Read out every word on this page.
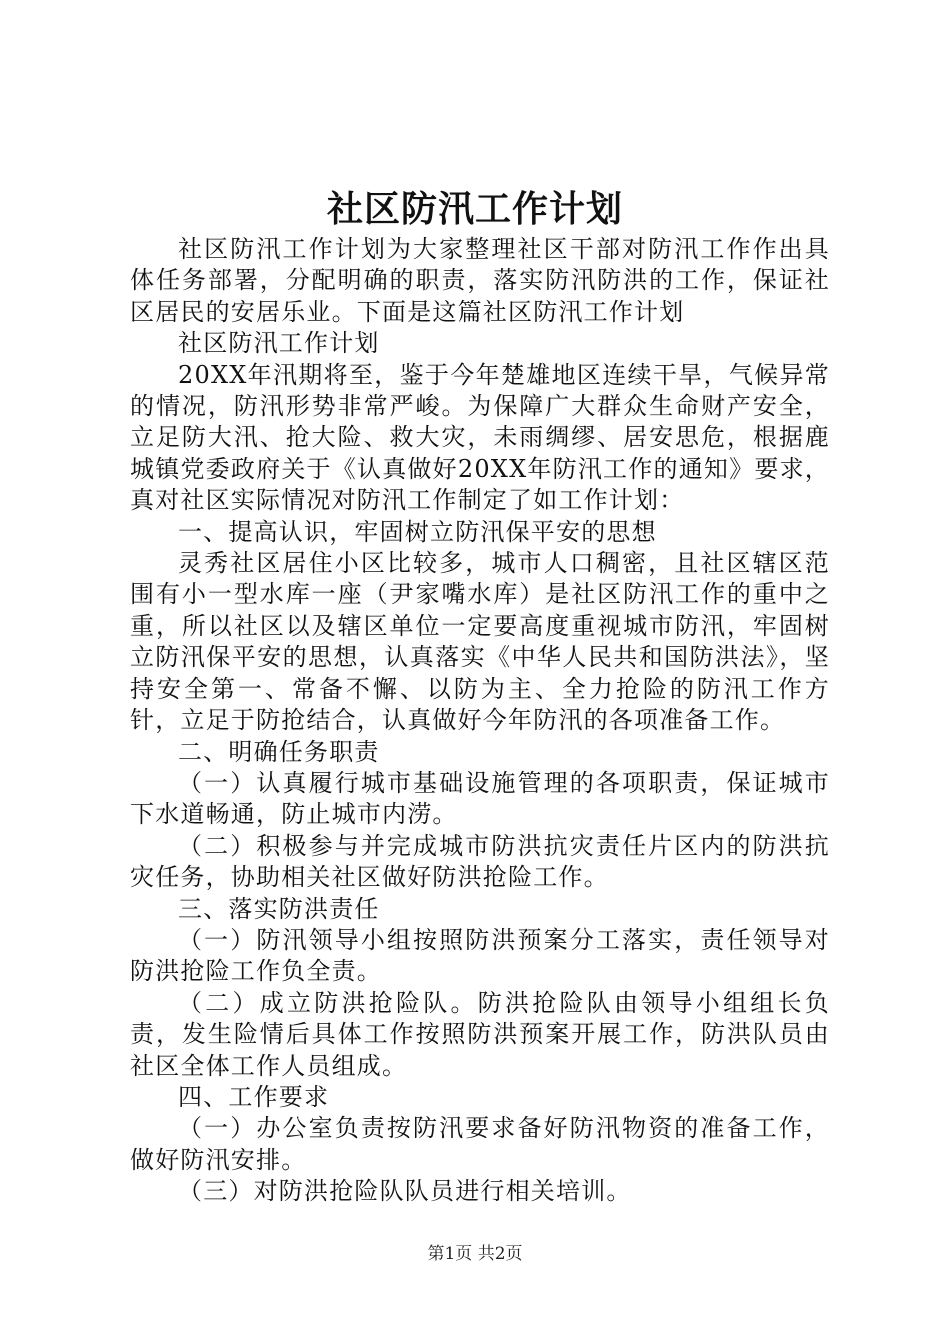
社区防汛工作计划

社区防汛工作计划为大家整理社区干部对防汛工作作出具体任务部署，分配明确的职责，落实防汛防洪的工作，保证社区居民的安居乐业。下面是这篇社区防汛工作计划

社区防汛工作计划

20XX年汛期将至，鉴于今年楚雄地区连续干旱，气候异常的情况，防汛形势非常严峻。为保障广大群众生命财产安全，立足防大汛、抢大险、救大灾，未雨绸缪、居安思危，根据鹿城镇党委政府关于《认真做好20XX年防汛工作的通知》要求，真对社区实际情况对防汛工作制定了如工作计划：

一、提高认识，牢固树立防汛保平安的思想

灵秀社区居住小区比较多，城市人口稠密，且社区辖区范围有小一型水库一座（尹家嘴水库）是社区防汛工作的重中之重，所以社区以及辖区单位一定要高度重视城市防汛，牢固树立防汛保平安的思想，认真落实《中华人民共和国防洪法》，坚持安全第一、常备不懈、以防为主、全力抢险的防汛工作方针，立足于防抢结合，认真做好今年防汛的各项准备工作。

二、明确任务职责

（一）认真履行城市基础设施管理的各项职责，保证城市下水道畅通，防止城市内涝。

（二）积极参与并完成城市防洪抗灾责任片区内的防洪抗灾任务，协助相关社区做好防洪抢险工作。

三、落实防洪责任

（一）防汛领导小组按照防洪预案分工落实，责任领导对防洪抢险工作负全责。

（二）成立防洪抢险队。防洪抢险队由领导小组组长负责，发生险情后具体工作按照防洪预案开展工作，防洪队员由社区全体工作人员组成。

四、工作要求

（一）办公室负责按防汛要求备好防汛物资的准备工作，做好防汛安排。

（三）对防洪抢险队队员进行相关培训。

第1页 共2页
